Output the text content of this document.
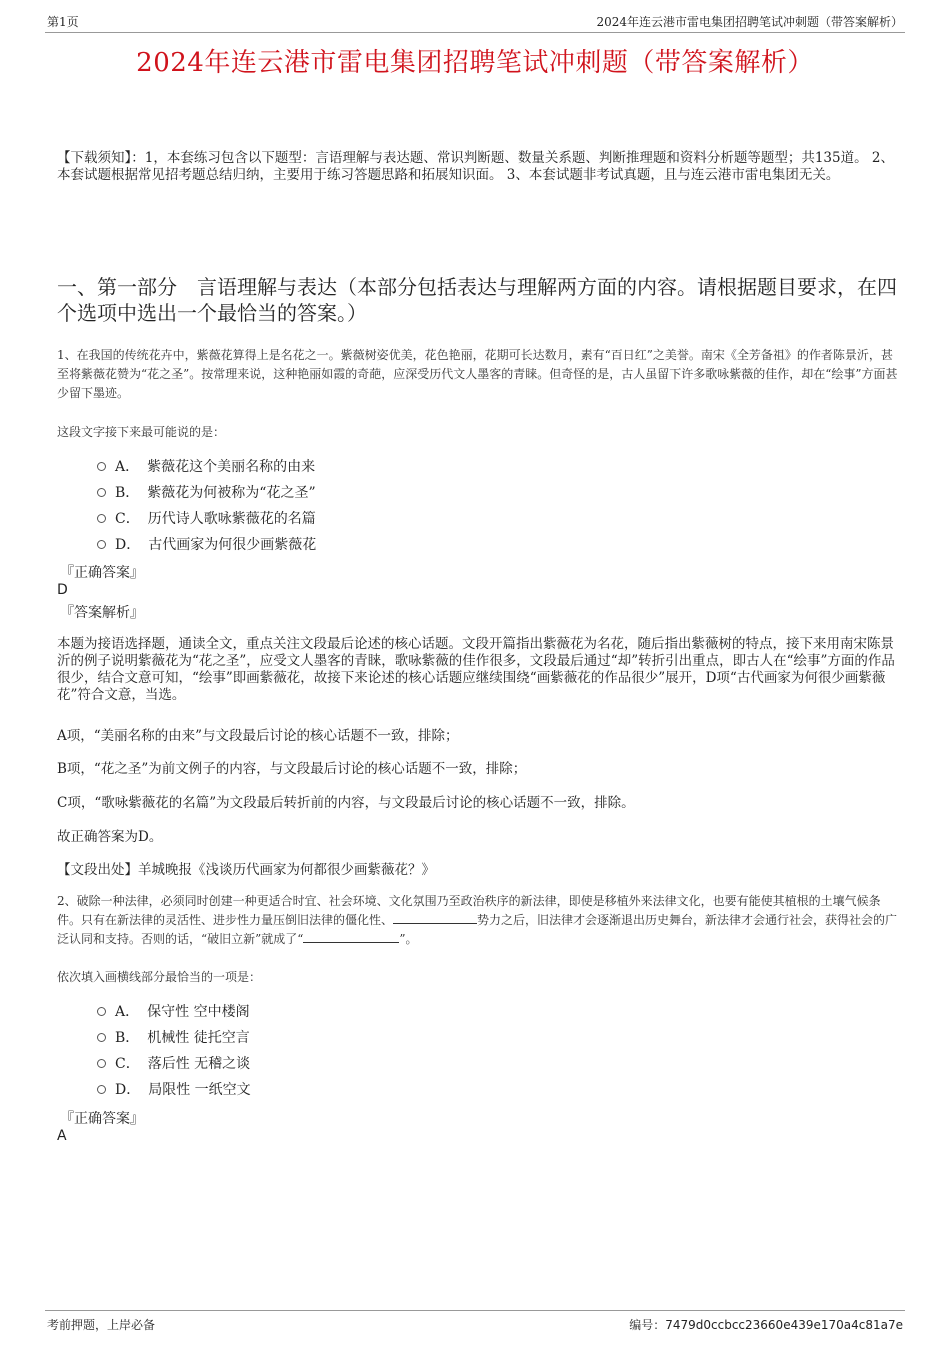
第1页	2024年连云港市雷电集团招聘笔试冲刺题（带答案解析）
2024年连云港市雷电集团招聘笔试冲刺题（带答案解析）
【下载须知】：1，本套练习包含以下题型：言语理解与表达题、常识判断题、数量关系题、判断推理题和资料分析题等题型；共135道。 2、本套试题根据常见招考题总结归纳，主要用于练习答题思路和拓展知识面。 3、本套试题非考试真题，且与连云港市雷电集团无关。
一、第一部分　言语理解与表达（本部分包括表达与理解两方面的内容。请根据题目要求，在四个选项中选出一个最恰当的答案。）
1、在我国的传统花卉中，紫薇花算得上是名花之一。紫薇树姿优美，花色艳丽，花期可长达数月，素有“百日红”之美誉。南宋《全芳备祖》的作者陈景沂，甚至将紫薇花赞为“花之圣”。按常理来说，这种艳丽如霞的奇葩，应深受历代文人墨客的青睐。但奇怪的是，古人虽留下许多歌咏紫薇的佳作，却在“绘事”方面甚少留下墨迹。
这段文字接下来最可能说的是：
A． 紫薇花这个美丽名称的由来
B． 紫薇花为何被称为“花之圣”
C． 历代诗人歌咏紫薇花的名篇
D． 古代画家为何很少画紫薇花
『正确答案』
D
『答案解析』
本题为接语选择题，通读全文，重点关注文段最后论述的核心话题。文段开篇指出紫薇花为名花，随后指出紫薇树的特点，接下来用南宋陈景沂的例子说明紫薇花为“花之圣”，应受文人墨客的青睐，歌咏紫薇的佳作很多，文段最后通过“却”转折引出重点，即古人在“绘事”方面的作品很少，结合文意可知，“绘事”即画紫薇花，故接下来论述的核心话题应继续围绕“画紫薇花的作品很少”展开，D项“古代画家为何很少画紫薇花”符合文意，当选。
A项，“美丽名称的由来”与文段最后讨论的核心话题不一致，排除；
B项，“花之圣”为前文例子的内容，与文段最后讨论的核心话题不一致，排除；
C项，“歌咏紫薇花的名篇”为文段最后转折前的内容，与文段最后讨论的核心话题不一致，排除。
故正确答案为D。
【文段出处】羊城晚报《浅谈历代画家为何都很少画紫薇花？》
2、破除一种法律，必须同时创建一种更适合时宜、社会环境、文化氛围乃至政治秩序的新法律，即使是移植外来法律文化，也要有能使其植根的土壤气候条件。只有在新法律的灵活性、进步性力量压倒旧法律的僵化性、	势力之后，旧法律才会逐渐退出历史舞台，新法律才会通行社会，获得社会的广泛认同和支持。否则的话，“破旧立新”就成了“	”。
依次填入画横线部分最恰当的一项是：
A． 保守性 空中楼阁
B． 机械性 徒托空言
C． 落后性 无稽之谈
D． 局限性 一纸空文
『正确答案』
A
考前押题，上岸必备	编号：7479d0ccbcc23660e439e170a4c81a7e
